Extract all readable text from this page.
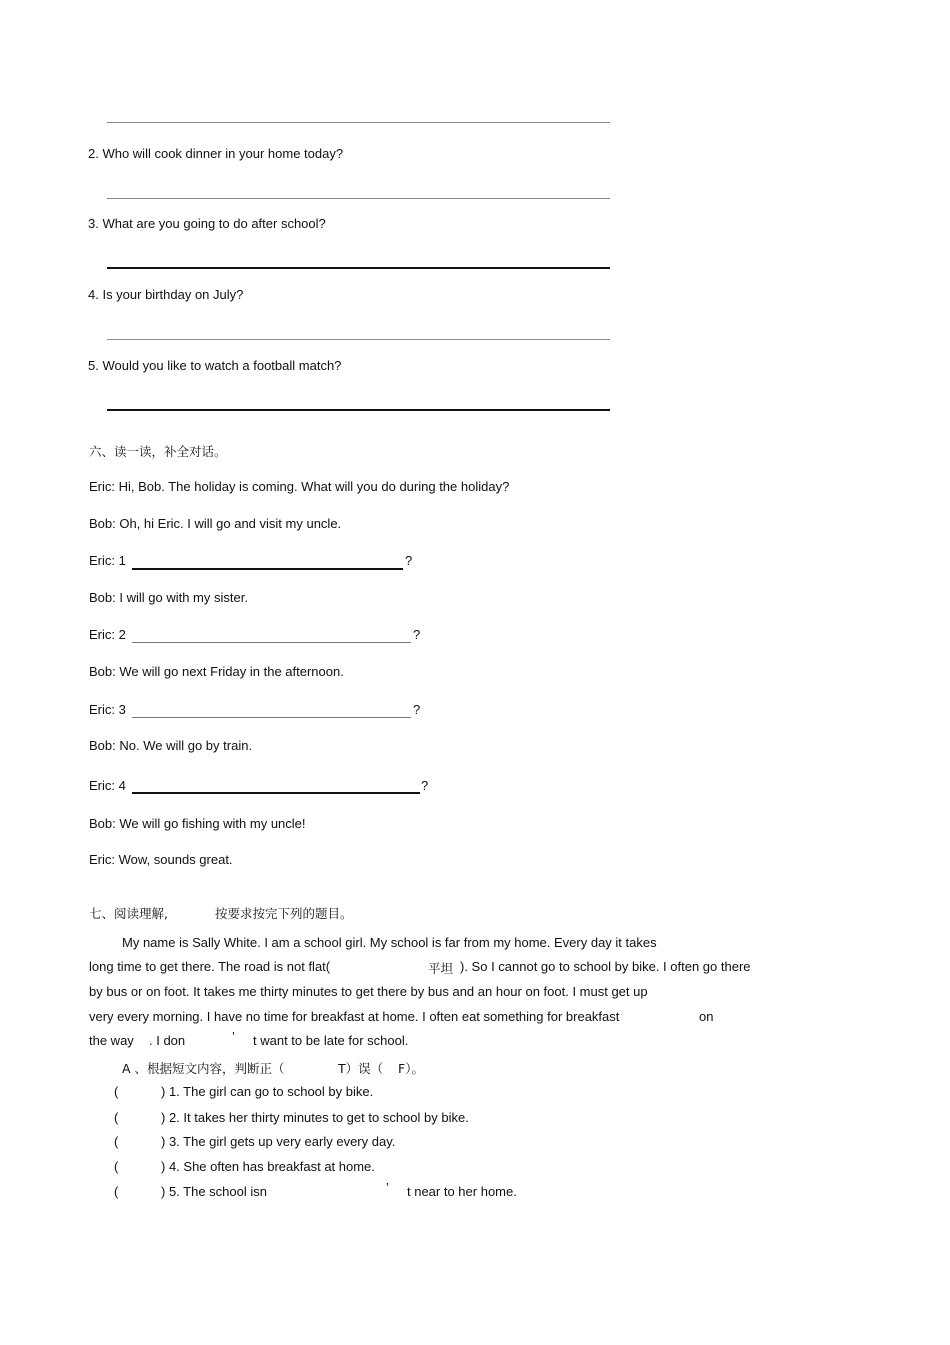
2. Who will cook dinner in your home today?
3. What are you going to do after school?
4. Is your birthday on July?
5. Would you like to watch a football match?
六、读一读，补全对话。
Eric: Hi, Bob. The holiday is coming. What will you do during the holiday?
Bob: Oh, hi Eric. I will go and visit my uncle.
Eric: 1	?
Bob: I will go with my sister.
Eric: 2	?
Bob: We will go next Friday in the afternoon.
Eric: 3	?
Bob: No. We will go by train.
Eric: 4	?
Bob: We will go fishing with my uncle!
Eric: Wow, sounds great.
七、阅读理解,	按要求按完下列的题目。
My name is Sally White. I am a school girl. My school is far from my home. Every day it takes
long time to get there. The road is not flat(	平坦 ). So I cannot go to school by bike. I often go there
by bus or on foot. It takes me thirty minutes to get there by bus and an hour on foot. I must get up
very every morning. I have no time for breakfast at home. I often eat something for breakfast	on
the way . I don	’ t want to be late for school.
A 、根据短文内容，判断正（	T）误（ F）。
(	) 1. The girl can go to school by bike.
(	) 2. It takes her thirty minutes to get to school by bike.
(	) 3. The girl gets up very early every day.
(	) 4. She often has breakfast at home.
(	) 5. The school isn	’ t near to her home.
